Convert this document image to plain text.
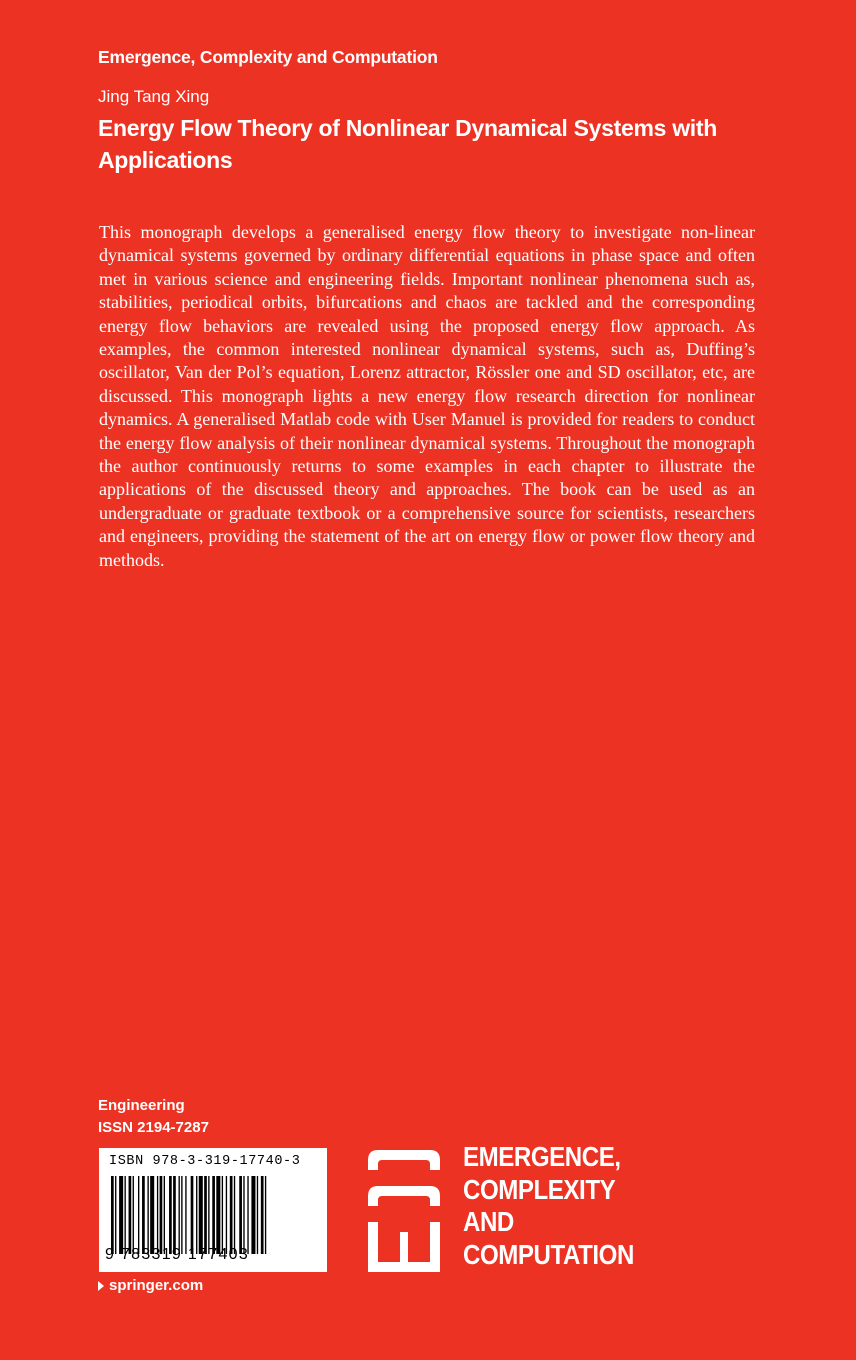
Emergence, Complexity and Computation
Jing Tang Xing
Energy Flow Theory of Nonlinear Dynamical Systems with Applications

This monograph develops a generalised energy flow theory to investigate non-linear dynamical systems governed by ordinary differential equations in phase space and often met in various science and engineering fields. Important nonlinear phenomena such as, stabilities, periodical orbits, bifurcations and chaos are tackled and the corresponding energy flow behaviors are revealed using the proposed energy flow approach. As examples, the common interested nonlinear dynamical systems, such as, Duffing’s oscillator, Van der Pol’s equation, Lorenz attractor, Rössler one and SD oscillator, etc, are discussed. This monograph lights a new energy flow research direction for nonlinear dynamics. A generalised Matlab code with User Manuel is provided for readers to conduct the energy flow analysis of their nonlinear dynamical systems. Throughout the monograph the author continuously returns to some examples in each chapter to illustrate the applications of the discussed theory and approaches. The book can be used as an undergraduate or graduate textbook or a comprehensive source for scientists, researchers and engineers, providing the statement of the art on energy flow or power flow theory and methods.

Engineering
ISSN 2194-7287
ISBN 978-3-319-17740-3
9 783319 177403
springer.com
EMERGENCE,
COMPLEXITY
AND
COMPUTATION
